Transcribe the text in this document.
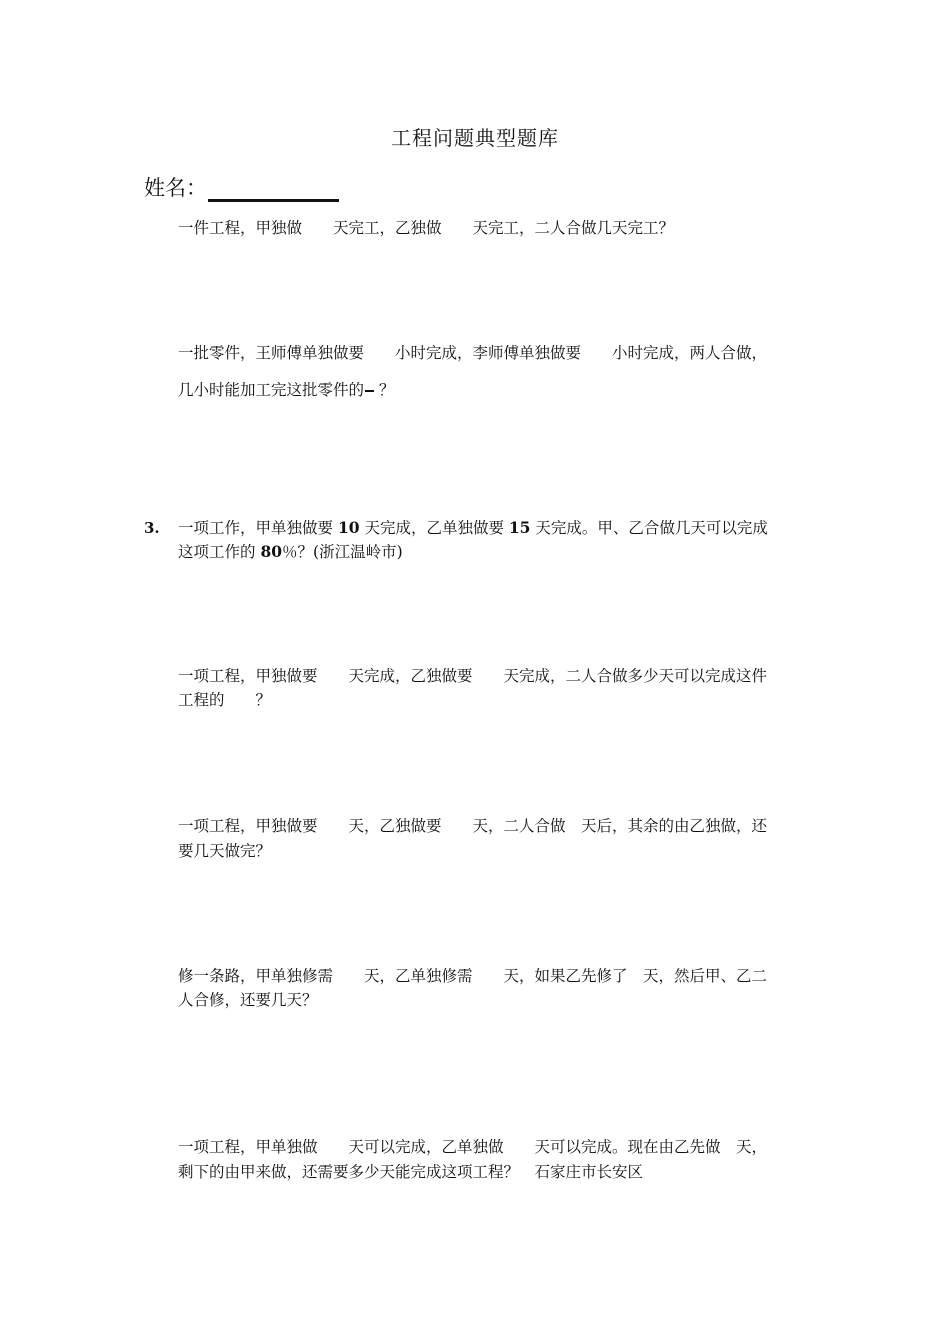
工程问题典型题库
姓名：
一件工程，甲独做　　天完工，乙独做　　天完工，二人合做几天完工？
一批零件，王师傅单独做要　　小时完成，李师傅单独做要　　小时完成，两人合做，
几小时能加工完这批零件的 ？
3. 一项工作，甲单独做要 10 天完成，乙单独做要 15 天完成。甲、乙合做几天可以完成
这项工作的 80％？(浙江温岭市)
一项工程，甲独做要　　天完成，乙独做要　　天完成，二人合做多少天可以完成这件
工程的　　？
一项工程，甲独做要　　天，乙独做要　　天，二人合做　天后，其余的由乙独做，还
要几天做完？
修一条路，甲单独修需　　天，乙单独修需　　天，如果乙先修了　天，然后甲、乙二
人合修，还要几天？
一项工程，甲单独做　　天可以完成，乙单独做　　天可以完成。现在由乙先做　天，
剩下的由甲来做，还需要多少天能完成这项工程？　石家庄市长安区
